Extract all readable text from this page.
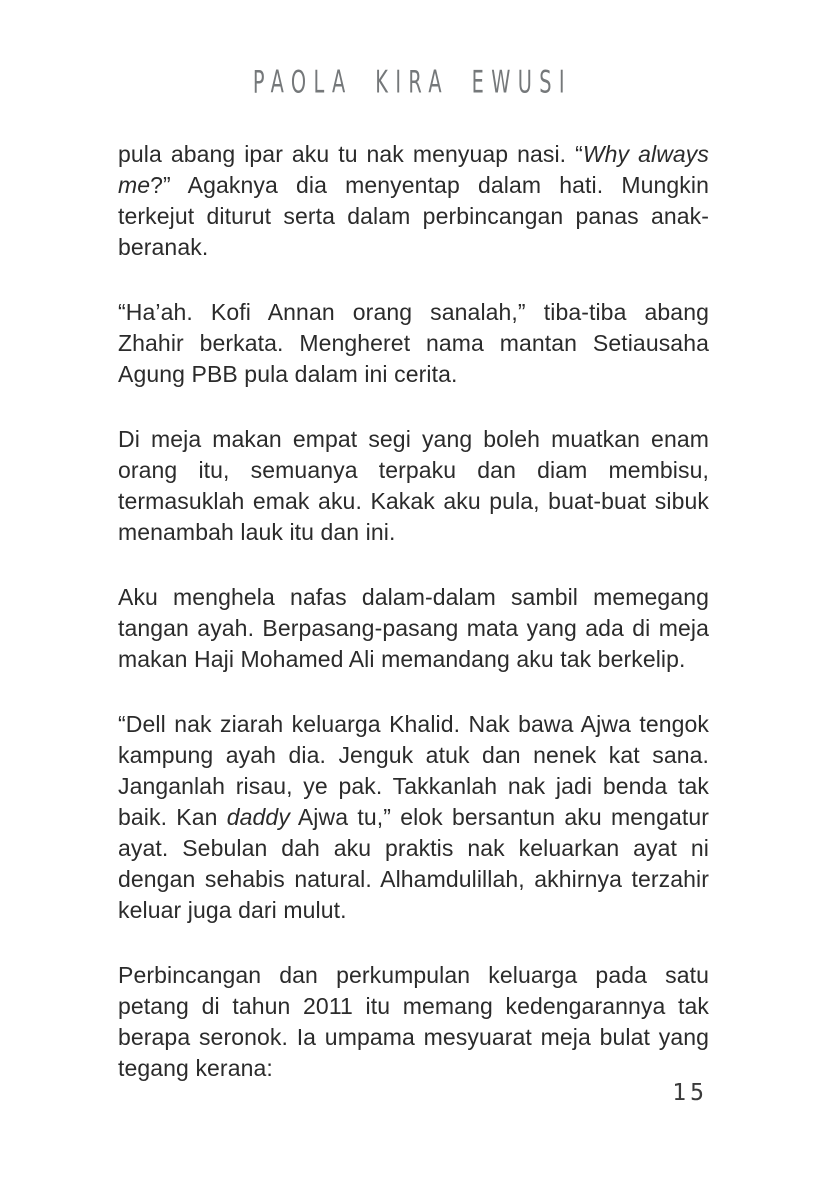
PAOLA KIRA EWUSI

pula abang ipar aku tu nak menyuap nasi. “Why always me?” Agaknya dia menyentap dalam hati. Mungkin terkejut diturut serta dalam perbincangan panas anak-beranak.

“Ha’ah. Kofi Annan orang sanalah,” tiba-tiba abang Zhahir berkata. Mengheret nama mantan Setiausaha Agung PBB pula dalam ini cerita.

Di meja makan empat segi yang boleh muatkan enam orang itu, semuanya terpaku dan diam membisu, termasuklah emak aku. Kakak aku pula, buat-buat sibuk menambah lauk itu dan ini.

Aku menghela nafas dalam-dalam sambil memegang tangan ayah. Berpasang-pasang mata yang ada di meja makan Haji Mohamed Ali memandang aku tak berkelip.

“Dell nak ziarah keluarga Khalid. Nak bawa Ajwa tengok kampung ayah dia. Jenguk atuk dan nenek kat sana. Janganlah risau, ye pak. Takkanlah nak jadi benda tak baik. Kan daddy Ajwa tu,” elok bersantun aku mengatur ayat. Sebulan dah aku praktis nak keluarkan ayat ni dengan sehabis natural. Alhamdulillah, akhirnya terzahir keluar juga dari mulut.

Perbincangan dan perkumpulan keluarga pada satu petang di tahun 2011 itu memang kedengarannya tak berapa seronok. Ia umpama mesyuarat meja bulat yang tegang kerana:

15
